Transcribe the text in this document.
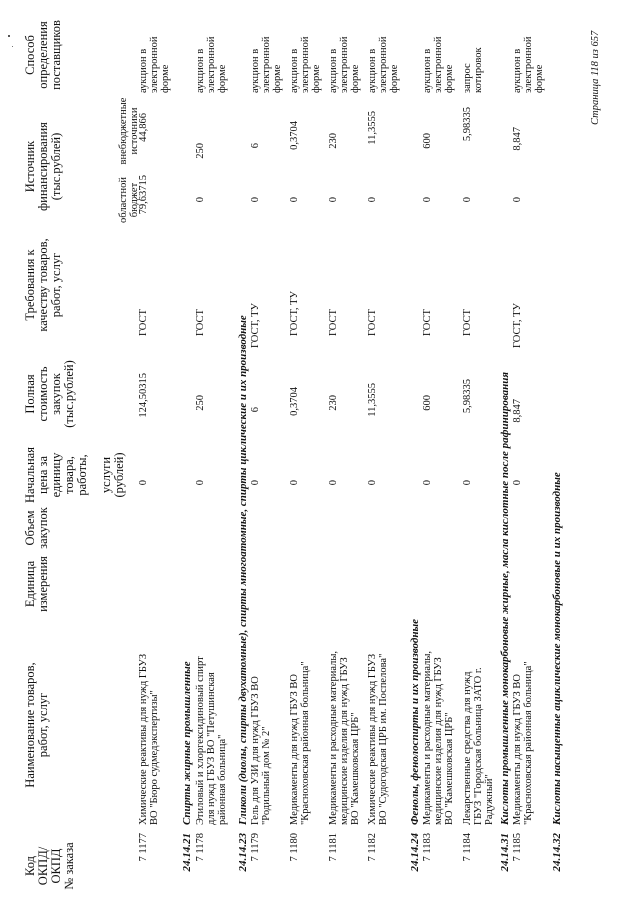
Код
ОКПД/
ОКПД
№ заказа
Наименование товаров,
работ, услуг
Единица
измерения
Объем
закупок
Начальная
цена за
единицу
товара,
работы, услуги
(рублей)
Полная
стоимость
закупок
(тыс.рублей)
Требования к
качеству товаров,
работ, услуг
Источник
финансирования
(тыс.рублей)	областной
бюджет
внебюджетные
источники
Способ
определения
поставщиков
7 1177
Химические реактивы для нужд ГБУЗ
ВО "Бюро судмедэкспертизы"
0
124,50315
ГОСТ
79,63715
44,866
аукцион в
электронной
форме
24.14.21
Спирты жирные промышленные
7 1178
Этиловый и хлоргексидиновый спирт
для нужд ГБУЗ ВО "Петушинская
районная больница"
0
250
ГОСТ
0
250
аукцион в
электронной
форме
24.14.23
Гликоли (диолы, спирты двухатомные), спирты многоатомные, спирты циклические и их производные
7 1179
Гель для УЗИ для нужд ГБУЗ ВО
"Родильный дом № 2"
0
6
ГОСТ, ТУ
0
6
аукцион в
электронной
форме
7 1180
Медикаменты для нужд ГБУЗ ВО
"Красноховская районная больница"
0
0,3704
ГОСТ, ТУ
0
0,3704
аукцион в
электронной
форме
7 1181
Медикаменты и расходные материалы,
медицинские изделия для нужд ГБУЗ
ВО "Камешковская ЦРБ"
0
230
ГОСТ
0
230
аукцион в
электронной
форме
7 1182
Химические реактивы для нужд ГБУЗ
ВО "Судогодская ЦРБ им. Поспелова"
0
11,3555
ГОСТ
0
11,3555
аукцион в
электронной
форме
24.14.24
Фенолы, фенолоспирты и их производные
7 1183
Медикаменты и расходные материалы,
медицинские изделия для нужд ГБУЗ
ВО "Камешковская ЦРБ"
0
600
ГОСТ
0
600
аукцион в
электронной
форме
7 1184
Лекарственные средства для нужд
ГБУЗ "Городская больница ЗАТО г.
Радужный"
0
5,98335
ГОСТ
0
5,98335
запрос
котировок
24.14.31
Кислоты промышленные монокарбоновые жирные, масла кислотные после рафинирования
7 1185
Медикаменты для нужд ГБУЗ ВО
"Красноховская районная больница"
0
8,847
ГОСТ, ТУ
0
8,847
аукцион в
электронной
форме
24.14.32
Кислоты насыщенные ациклические монокарбоновые и их производные
Страница 118 из 657
